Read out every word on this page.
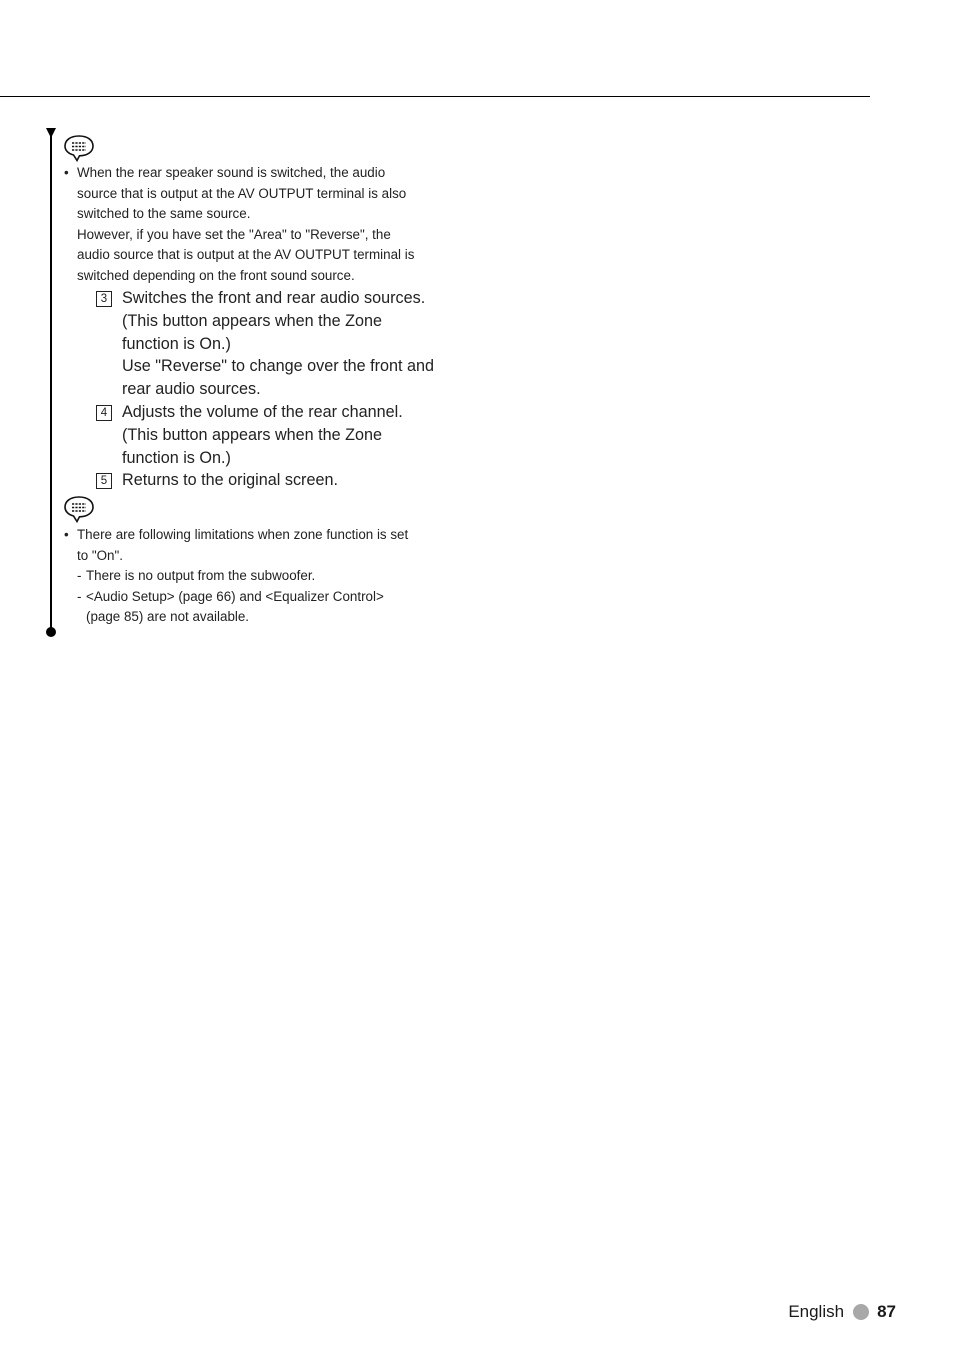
• When the rear speaker sound is switched, the audio
source that is output at the AV OUTPUT terminal is also
switched to the same source.
However, if you have set the "Area" to "Reverse", the
audio source that is output at the AV OUTPUT terminal is
switched depending on the front sound source.
3 Switches the front and rear audio sources.
(This button appears when the Zone
function is On.)
Use "Reverse" to change over the front and
rear audio sources.
4 Adjusts the volume of the rear channel.
(This button appears when the Zone
function is On.)
5 Returns to the original screen.
• There are following limitations when zone function is set
to "On".
- There is no output from the subwoofer.
- <Audio Setup> (page 66) and <Equalizer Control>
(page 85) are not available.
English 87
